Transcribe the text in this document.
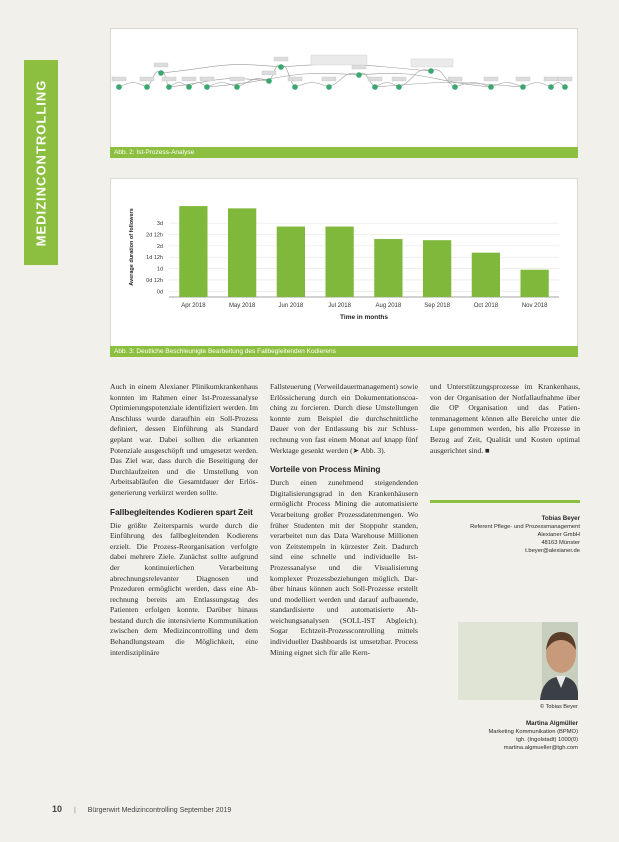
MEDIZINCONTROLLING	Abb. 2: Ist-Prozess-Analyse
Apr 2018	May 2018	Jun 2018	Jul 2018	Aug 2018	Sep 2018	Oct 2018	Nov 2018
0d
0d 12h
1d
1d 12h
2d
2d 12h
3d
Time in months
Average duration of followers
Abb. 3: Deutliche Beschleunigte Bearbeitung des Fallbegleitenden Kodierens

Auch in einem Alexianer Plinikumkrankenhaus konnten im Rahmen einer Ist-Prozessanalyse Optimierungspotenziale identifiziert werden. Im Anschluss wurde daraufhin ein Soll-Prozess definiert, dessen Einführung als Standard geplant war. Dabei sollten die erkannten Potenziale ausgeschöpft und umgesetzt werden. Das Ziel war, dass durch die Beseitigung der Durchlaufzeiten und die Umstellung von Arbeitsabläufen die Gesamtdauer der Erlösgenerierung verkürzt werden sollte.

Fallbegleitendes Kodieren spart Zeit

Die größte Zeitersparnis wurde durch die Einführung des fallbegleitenden Kodierens erzielt. Die Prozess-Reorganisation verfolgte dabei mehrere Ziele. Zunächst sollte aufgrund der kontinuierlichen Verarbeitung abrechnungsrelevanter Diagnosen und Prozeduren ermöglicht werden, dass eine Abrechnung bereits am Entlassungstag des Patienten erfolgen konnte. Darüber hinaus bestand durch die intensivierte Kommunikation zwischen dem Medizincontrolling und dem Behandlungsteam die Möglichkeit, eine interdisziplinäre

Fallsteuerung (Verweildauermanagement) sowie Erlössicherung durch ein Dokumentationscoaching zu forcieren. Durch diese Umstellungen konnte zum Beispiel die durchschnittliche Dauer von der Entlassung bis zur Schlussrechnung von fast einem Monat auf knapp fünf Werktage gesenkt werden (➤ Abb. 3).

Vorteile von Process Mining

Durch einen zunehmend steigendenden Digitalisierungsgrad in den Krankenhäusern ermöglicht Process Mining die automatisierte Verarbeitung großer Prozessdatenmengen. Wo früher Studenten mit der Stoppuhr standen, verarbeitet nun das Data Warehouse Millionen von Zeitstempeln in kürzester Zeit. Dadurch sind eine schnelle und individuelle Ist-Prozessanalyse und die Visualisierung komplexer Prozessbeziehungen möglich. Darüber hinaus können auch Soll-Prozesse erstellt und modelliert werden und darauf aufbauende, standardisierte und automatisierte Abweichungsanalysen (SOLL-IST Abgleich). Sogar Echtzeit-Prozesscontrolling mittels individueller Dashboards ist umsetzbar. Process Mining eignet sich für alle Kern-

und Unterstützungsprozesse im Krankenhaus, von der Organisation der Notfallaufnahme über die OP Organisation und das Patientenmanagement können alle Bereiche unter die Lupe genommen werden, bis alle Prozesse in Bezug auf Zeit, Qualität und Kosten optimal ausgerichtet sind. ■

Tobias Beyer
Referent Pflege- und Prozessmanagement
Alexianer GmbH
48163 Münster
t.beyer@alexianer.de
© Tobias Beyer
Martina Algmüller
Marketing Kommunikation (BPMO)
tgh. (Ingolstadt) 1000(0)
martina.algmueller@tgh.com
10 | Bürgerwirt Medizincontrolling September 2019
